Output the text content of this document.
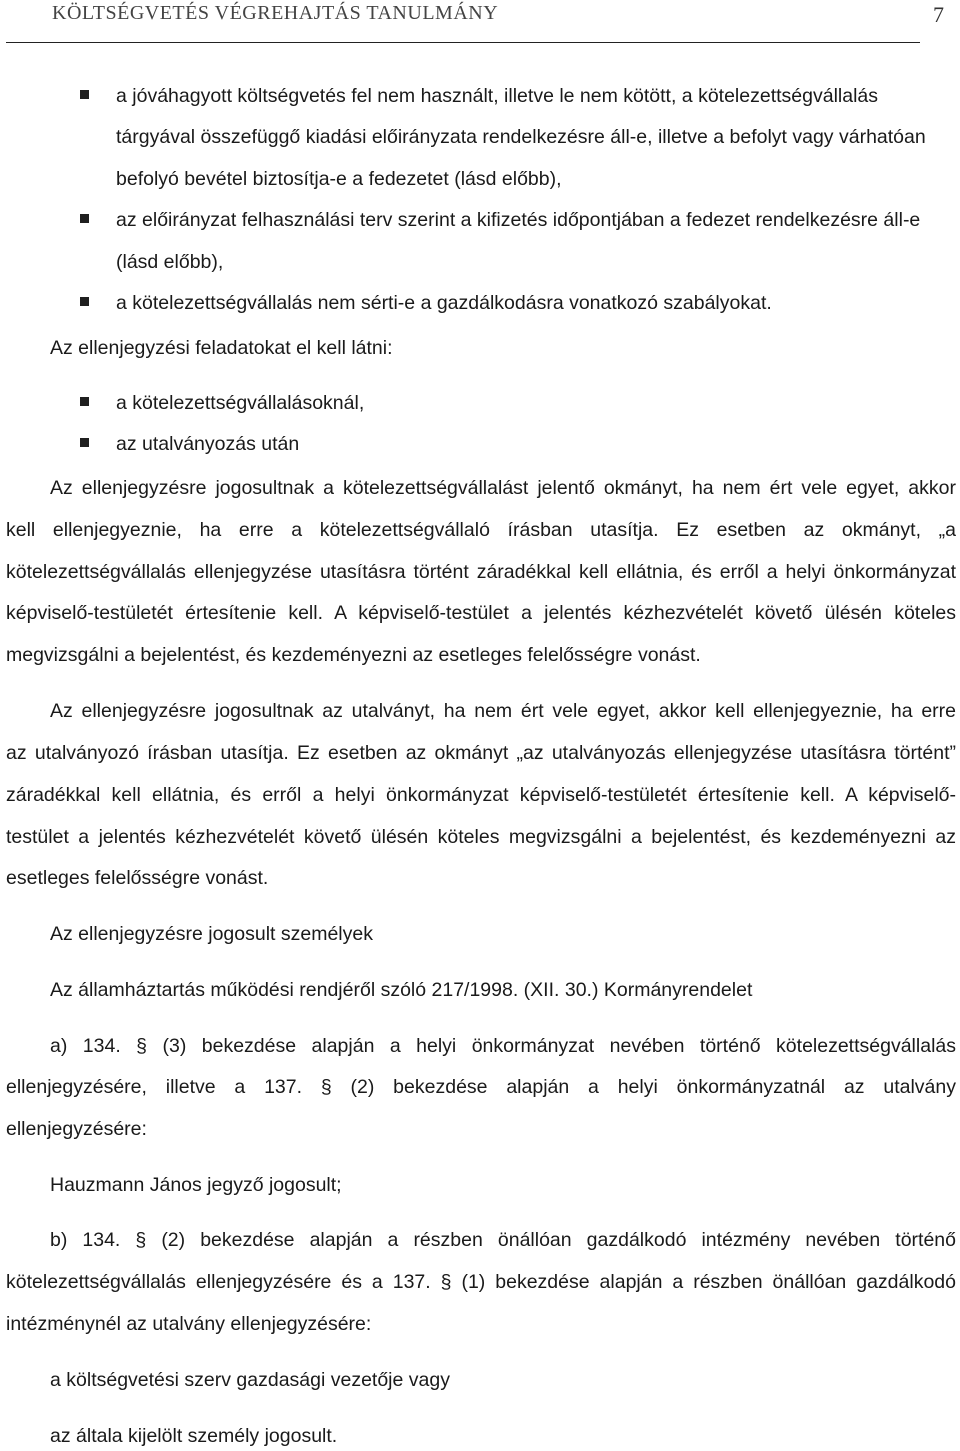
KÖLTSÉGVETÉS VÉGREHAJTÁS TANULMÁNY	7
a jóváhagyott költségvetés fel nem használt, illetve le nem kötött, a kötelezettségvállalás
tárgyával összefüggő kiadási előirányzata rendelkezésre áll-e, illetve a befolyt vagy várhatóan
befolyó bevétel biztosítja-e a fedezetet (lásd előbb),
az előirányzat felhasználási terv szerint a kifizetés időpontjában a fedezet rendelkezésre áll-e
(lásd előbb),
a kötelezettségvállalás nem sérti-e a gazdálkodásra vonatkozó szabályokat.
Az ellenjegyzési feladatokat el kell látni:
a kötelezettségvállalásoknál,
az utalványozás után
Az ellenjegyzésre jogosultnak a kötelezettségvállalást jelentő okmányt, ha nem ért vele egyet, akkor
kell ellenjegyeznie, ha erre a kötelezettségvállaló írásban utasítja. Ez esetben az okmányt, „a
kötelezettségvállalás ellenjegyzése utasításra történt záradékkal kell ellátnia, és erről a helyi önkormányzat
képviselő-testületét értesítenie kell. A képviselő-testület a jelentés kézhezvételét követő ülésén köteles
megvizsgálni a bejelentést, és kezdeményezni az esetleges felelősségre vonást.
Az ellenjegyzésre jogosultnak az utalványt, ha nem ért vele egyet, akkor kell ellenjegyeznie, ha erre
az utalványozó írásban utasítja. Ez esetben az okmányt „az utalványozás ellenjegyzése utasításra történt”
záradékkal kell ellátnia, és erről a helyi önkormányzat képviselő-testületét értesítenie kell. A képviselő-
testület a jelentés kézhezvételét követő ülésén köteles megvizsgálni a bejelentést, és kezdeményezni az
esetleges felelősségre vonást.
Az ellenjegyzésre jogosult személyek
Az államháztartás működési rendjéről szóló 217/1998. (XII. 30.) Kormányrendelet
a) 134. § (3) bekezdése alapján a helyi önkormányzat nevében történő kötelezettségvállalás
ellenjegyzésére, illetve a 137. § (2) bekezdése alapján a helyi önkormányzatnál az utalvány
ellenjegyzésére:
Hauzmann János jegyző jogosult;
b) 134. § (2) bekezdése alapján a részben önállóan gazdálkodó intézmény nevében történő
kötelezettségvállalás ellenjegyzésére és a 137. § (1) bekezdése alapján a részben önállóan gazdálkodó
intézménynél az utalvány ellenjegyzésére:
a költségvetési szerv gazdasági vezetője vagy
az általa kijelölt személy jogosult.
